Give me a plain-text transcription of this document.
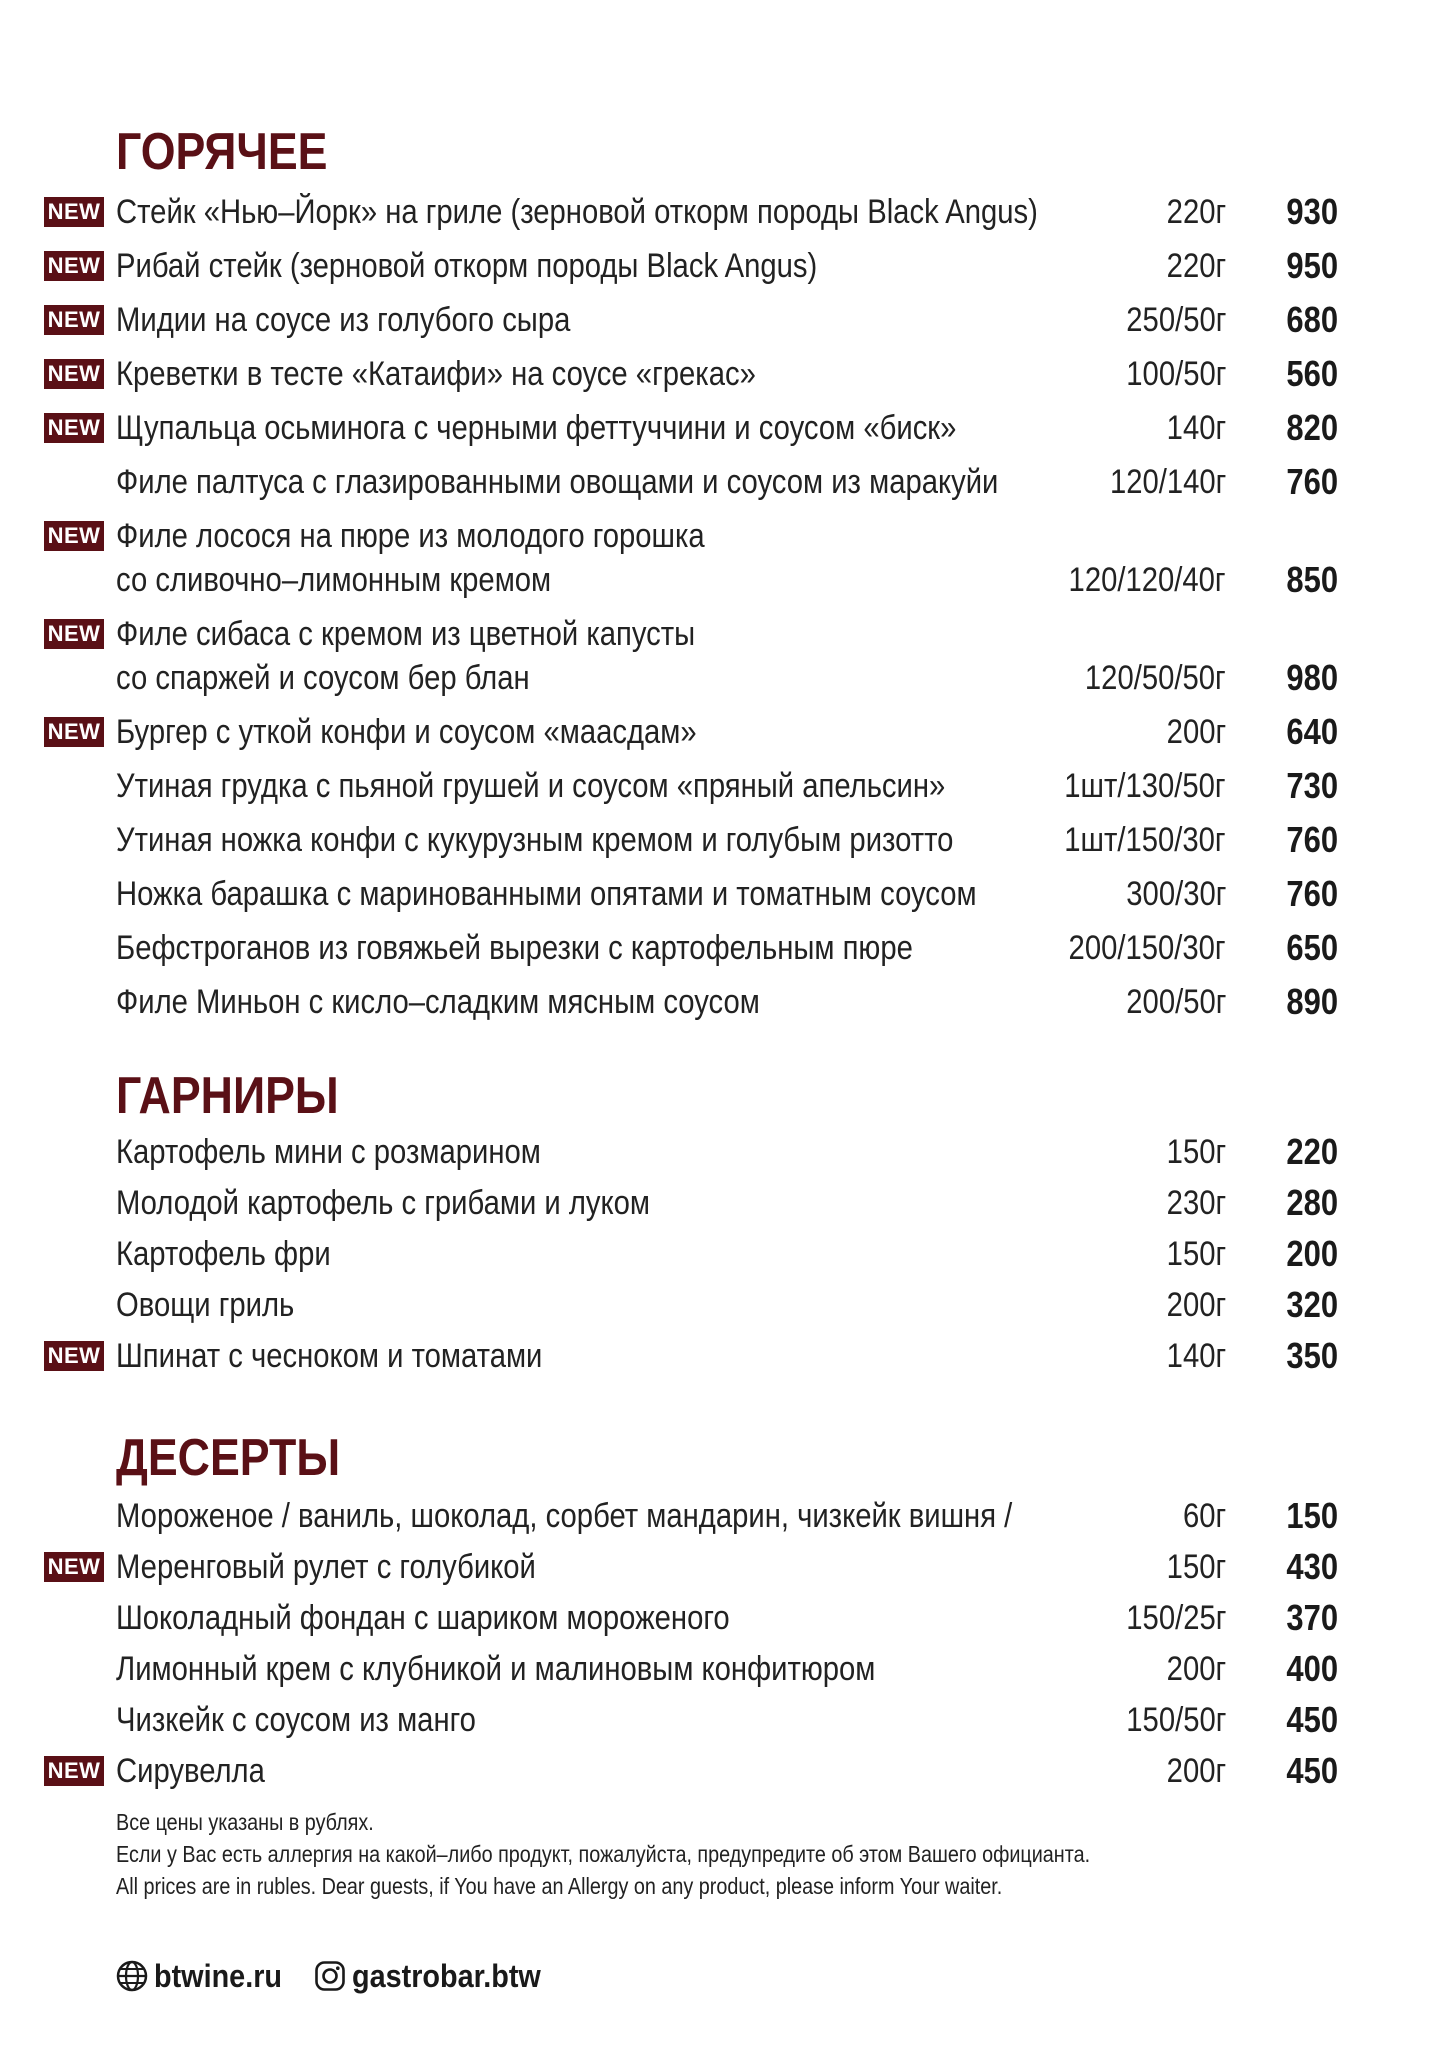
ГОРЯЧЕЕ
NEW Стейк «Нью–Йорк» на гриле (зерновой откорм породы Black Angus)	220г 930
NEW Рибай стейк (зерновой откорм породы Black Angus)	220г 950
NEW Мидии на соусе из голубого сыра	250/50г 680
NEW Креветки в тесте «Катаифи» на соусе «грекас»	100/50г 560
NEW Щупальца осьминога с черными феттуччини и соусом «биск»	140г 820
Филе палтуса с глазированными овощами и соусом из маракуйи	120/140г 760
NEW Филе лосося на пюре из молодого горошка
со сливочно–лимонным кремом	120/120/40г 850
NEW Филе сибаса с кремом из цветной капусты
со спаржей и соусом бер блан	120/50/50г 980
NEW Бургер с уткой конфи и соусом «маасдам»	200г 640
Утиная грудка с пьяной грушей и соусом «пряный апельсин»	1шт/130/50г 730
Утиная ножка конфи с кукурузным кремом и голубым ризотто	1шт/150/30г 760
Ножка барашка с маринованными опятами и томатным соусом	300/30г 760
Бефстроганов из говяжьей вырезки с картофельным пюре	200/150/30г 650
Филе Миньон с кисло–сладким мясным соусом	200/50г 890
ГАРНИРЫ
Картофель мини с розмарином	150г 220
Молодой картофель с грибами и луком	230г 280
Картофель фри	150г 200
Овощи гриль	200г 320
NEW Шпинат с чесноком и томатами	140г 350
ДЕСЕРТЫ
Мороженое / ваниль, шоколад, сорбет мандарин, чизкейк вишня /	60г 150
NEW Меренговый рулет с голубикой	150г 430
Шоколадный фондан с шариком мороженого	150/25г 370
Лимонный крем с клубникой и малиновым конфитюром	200г 400
Чизкейк с соусом из манго	150/50г 450
NEW Сирувелла	200г 450
Все цены указаны в рублях.
Если у Вас есть аллергия на какой–либо продукт, пожалуйста, предупредите об этом Вашего официанта.
All prices are in rubles. Dear guests, if You have an Allergy on any product, please inform Your waiter.
btwine.ru gastrobar.btw
